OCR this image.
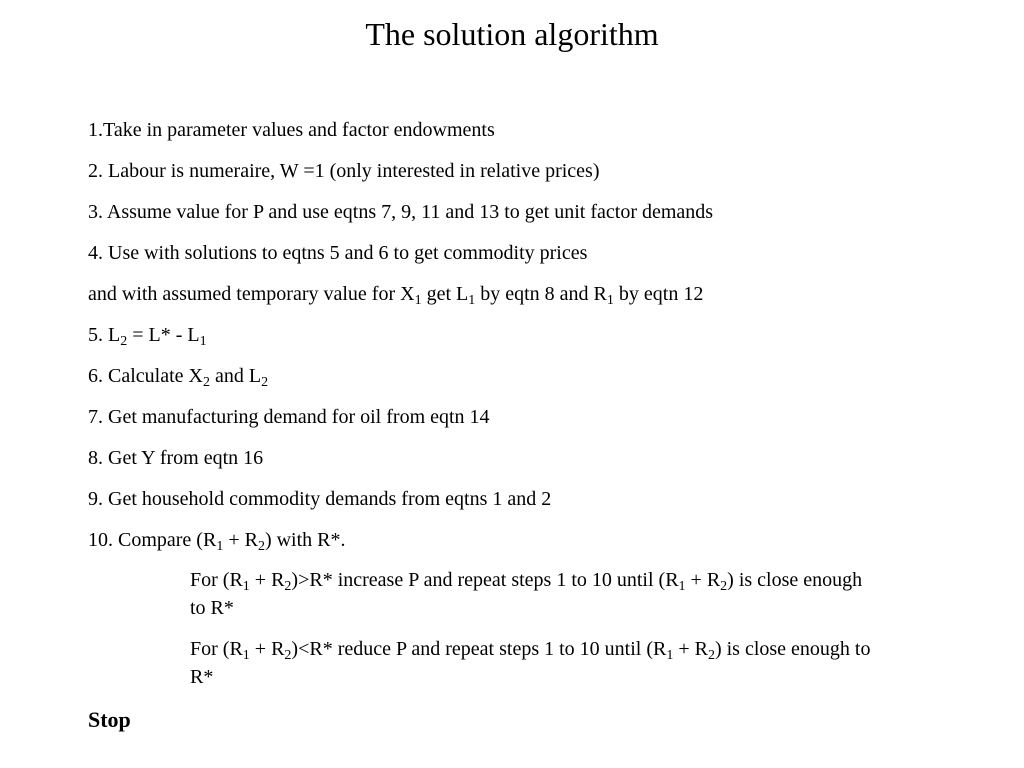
The solution algorithm
1.Take in parameter values and factor endowments
2. Labour is numeraire, W =1 (only interested in relative prices)
3. Assume value for P and use eqtns 7, 9, 11 and 13 to get unit factor demands
4. Use with solutions to eqtns 5 and 6 to get commodity prices
and with assumed temporary value for $X_1$ get $L_1$ by eqtn 8 and $R_1$ by eqtn 12
5. $L_2 = L* - L_1$
6. Calculate $X_2$ and $L_2$
7. Get manufacturing demand for oil from eqtn 14
8. Get Y from eqtn 16
9. Get household commodity demands from eqtns 1 and 2
10. Compare $(R_1 + R_2)$ with R*.
For $(R_1 + R_2)>R*$ increase P and repeat steps 1 to 10 until $(R_1 + R_2)$ is close enough to R*
For $(R_1 + R_2)<R*$ reduce P and repeat steps 1 to 10 until $(R_1 + R_2)$ is close enough to R*
Stop
